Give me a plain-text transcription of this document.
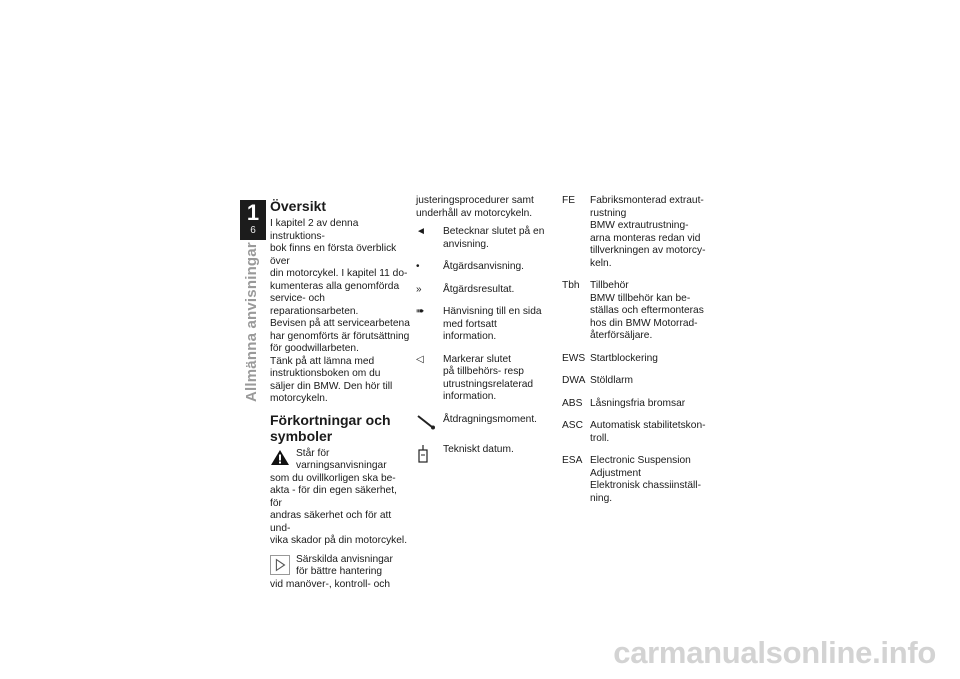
1
6
Allmänna anvisningar
Översikt

I kapitel 2 av denna instruktions-
bok finns en första överblick över
din motorcykel. I kapitel 11 do-
kumenteras alla genomförda
service- och reparationsarbeten.
Bevisen på att servicearbetena
har genomförts är förutsättning
för goodwillarbeten.
Tänk på att lämna med
instruktionsboken om du
säljer din BMW. Den hör till
motorcykeln.

Förkortningar och symboler

Står för varningsanvisningar
som du ovillkorligen ska be-
akta - för din egen säkerhet, för
andras säkerhet och för att und-
vika skador på din motorcykel.

Särskilda anvisningar
för bättre hantering
vid manöver-, kontroll- och

justeringsprocedurer samt
underhåll av motorcykeln.

◄	Betecknar slutet på en
anvisning.
•	Åtgärdsanvisning.
»	Åtgärdsresultat.
➠	Hänvisning till en sida
med fortsatt information.
◁	Markerar slutet
på tillbehörs- resp
utrustningsrelaterad
information.
Åtdragningsmoment.
Tekniskt datum.
FE	Fabriksmonterad extraut-
rustning
BMW extrautrustning-
arna monteras redan vid
tillverkningen av motorcy-
keln.
Tbh	Tillbehör
BMW tillbehör kan be-
ställas och eftermonteras
hos din BMW Motorrad-
återförsäljare.
EWS Startblockering
DWA Stöldlarm
ABS Låsningsfria bromsar
ASC Automatisk stabilitetskon-
troll.
ESA Electronic Suspension
Adjustment
Elektronisk chassiinställ-
ning.
carmanualsonline.info
